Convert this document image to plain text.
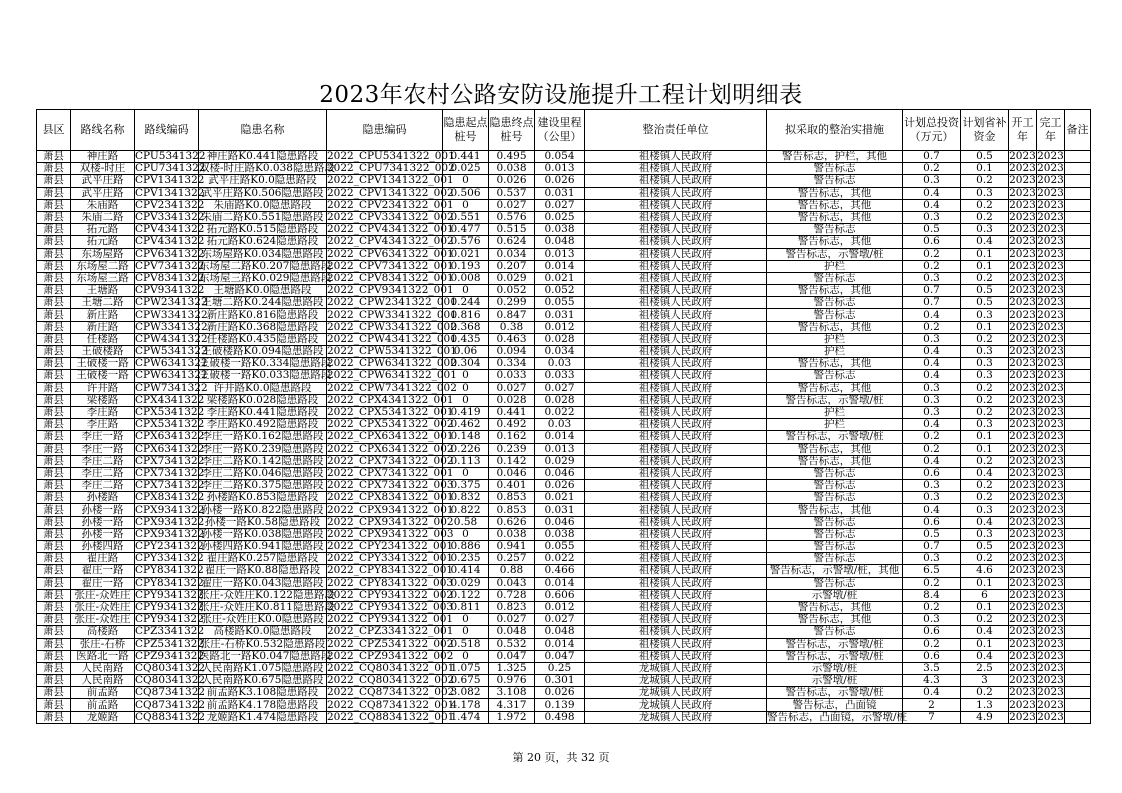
2023年农村公路安防设施提升工程计划明细表
县区	路线名称	路线编码	隐患名称	隐患编码	隐患起点桩号	隐患终点桩号	建设里程（公里）	整治责任单位	拟采取的整治实措施	计划总投资（万元）	计划省补资金	开工年	完工年	备注
萧县	神庄路	CPU5341322	神庄路K0.441隐患路段	2022_CPU5341322_001	0.441	0.495	0.054	祖楼镇人民政府	警告标志，护栏，其他	0.7	0.5	2023	2023	
萧县	双楼-时庄	CPU7341322	双楼-时庄路K0.038隐患路段	2022_CPU7341322_002	0.025	0.038	0.013	祖楼镇人民政府	警告标志	0.2	0.1	2023	2023	
萧县	武平庄路	CPV1341322	武平庄路K0.0隐患路段	2022_CPV1341322_001	0	0.026	0.026	祖楼镇人民政府	警告标志	0.3	0.2	2023	2023	
萧县	武平庄路	CPV1341322	武平庄路K0.506隐患路段	2022_CPV1341322_002	0.506	0.537	0.031	祖楼镇人民政府	警告标志，其他	0.4	0.3	2023	2023	
萧县	朱庙路	CPV2341322	朱庙路K0.0隐患路段	2022_CPV2341322_001	0	0.027	0.027	祖楼镇人民政府	警告标志，其他	0.4	0.2	2023	2023	
萧县	朱庙二路	CPV3341322	朱庙二路K0.551隐患路段	2022_CPV3341322_002	0.551	0.576	0.025	祖楼镇人民政府	警告标志，其他	0.3	0.2	2023	2023	
萧县	拓元路	CPV4341322	拓元路K0.515隐患路段	2022_CPV4341322_001	0.477	0.515	0.038	祖楼镇人民政府	警告标志	0.5	0.3	2023	2023	
萧县	拓元路	CPV4341322	拓元路K0.624隐患路段	2022_CPV4341322_002	0.576	0.624	0.048	祖楼镇人民政府	警告标志，其他	0.6	0.4	2023	2023	
萧县	东场屋路	CPV6341322	东场屋路K0.034隐患路段	2022_CPV6341322_001	0.021	0.034	0.013	祖楼镇人民政府	警告标志，示警墩/桩	0.2	0.1	2023	2023	
萧县	东场屋二路	CPV7341322	东场屋二路K0.207隐患路段	2022_CPV7341322_001	0.193	0.207	0.014	祖楼镇人民政府	护栏	0.2	0.1	2023	2023	
萧县	东场屋三路	CPV8341322	东场屋三路K0.029隐患路段	2022_CPV8341322_001	0.008	0.029	0.021	祖楼镇人民政府	警告标志	0.3	0.2	2023	2023	
萧县	王塘路	CPV9341322	王塘路K0.0隐患路段	2022_CPV9341322_001	0	0.052	0.052	祖楼镇人民政府	警告标志，其他	0.7	0.5	2023	2023	
萧县	王塘二路	CPW2341322	王塘二路K0.244隐患路段	2022_CPW2341322_001	0.244	0.299	0.055	祖楼镇人民政府	警告标志	0.7	0.5	2023	2023	
萧县	新庄路	CPW3341322	新庄路K0.816隐患路段	2022_CPW3341322_001	0.816	0.847	0.031	祖楼镇人民政府	警告标志	0.4	0.3	2023	2023	
萧县	新庄路	CPW3341322	新庄路K0.368隐患路段	2022_CPW3341322_002	0.368	0.38	0.012	祖楼镇人民政府	警告标志，其他	0.2	0.1	2023	2023	
萧县	任楼路	CPW4341322	任楼路K0.435隐患路段	2022_CPW4341322_001	0.435	0.463	0.028	祖楼镇人民政府	护栏	0.3	0.2	2023	2023	
萧县	王破楼路	CPW5341322	王破楼路K0.094隐患路段	2022_CPW5341322_001	0.06	0.094	0.034	祖楼镇人民政府	护栏	0.4	0.3	2023	2023	
萧县	王破楼一路	CPW6341322	王破楼一路K0.334隐患路段	2022_CPW6341322_002	0.304	0.334	0.03	祖楼镇人民政府	警告标志，其他	0.4	0.3	2023	2023	
萧县	王破楼一路	CPW6341322	王破楼一路K0.033隐患路段	2022_CPW6341322_001	0	0.033	0.033	祖楼镇人民政府	警告标志	0.4	0.3	2023	2023	
萧县	许井路	CPW7341322	许井路K0.0隐患路段	2022_CPW7341322_002	0	0.027	0.027	祖楼镇人民政府	警告标志，其他	0.3	0.2	2023	2023	
萧县	梁楼路	CPX4341322	梁楼路K0.028隐患路段	2022_CPX4341322_001	0	0.028	0.028	祖楼镇人民政府	警告标志，示警墩/桩	0.3	0.2	2023	2023	
萧县	李庄路	CPX5341322	李庄路K0.441隐患路段	2022_CPX5341322_001	0.419	0.441	0.022	祖楼镇人民政府	护栏	0.3	0.2	2023	2023	
萧县	李庄路	CPX5341322	李庄路K0.492隐患路段	2022_CPX5341322_002	0.462	0.492	0.03	祖楼镇人民政府	护栏	0.4	0.3	2023	2023	
萧县	李庄一路	CPX6341322	李庄一路K0.162隐患路段	2022_CPX6341322_001	0.148	0.162	0.014	祖楼镇人民政府	警告标志，示警墩/桩	0.2	0.1	2023	2023	
萧县	李庄一路	CPX6341322	李庄一路K0.239隐患路段	2022_CPX6341322_002	0.226	0.239	0.013	祖楼镇人民政府	警告标志，其他	0.2	0.1	2023	2023	
萧县	李庄二路	CPX7341322	李庄二路K0.142隐患路段	2022_CPX7341322_002	0.113	0.142	0.029	祖楼镇人民政府	警告标志，其他	0.4	0.2	2023	2023	
萧县	李庄二路	CPX7341322	李庄二路K0.046隐患路段	2022_CPX7341322_001	0	0.046	0.046	祖楼镇人民政府	警告标志	0.6	0.4	2023	2023	
萧县	李庄二路	CPX7341322	李庄二路K0.375隐患路段	2022_CPX7341322_003	0.375	0.401	0.026	祖楼镇人民政府	警告标志	0.3	0.2	2023	2023	
萧县	孙楼路	CPX8341322	孙楼路K0.853隐患路段	2022_CPX8341322_001	0.832	0.853	0.021	祖楼镇人民政府	警告标志	0.3	0.2	2023	2023	
萧县	孙楼一路	CPX9341322	孙楼一路K0.822隐患路段	2022_CPX9341322_001	0.822	0.853	0.031	祖楼镇人民政府	警告标志，其他	0.4	0.3	2023	2023	
萧县	孙楼一路	CPX9341322	孙楼一路K0.58隐患路段	2022_CPX9341322_002	0.58	0.626	0.046	祖楼镇人民政府	警告标志	0.6	0.4	2023	2023	
萧县	孙楼一路	CPX9341322	孙楼一路K0.038隐患路段	2022_CPX9341322_003	0	0.038	0.038	祖楼镇人民政府	警告标志	0.5	0.3	2023	2023	
萧县	孙楼四路	CPY2341322	孙楼四路K0.941隐患路段	2022_CPY2341322_001	0.886	0.941	0.055	祖楼镇人民政府	警告标志	0.7	0.5	2023	2023	
萧县	翟庄路	CPY3341322	翟庄路K0.257隐患路段	2022_CPY3341322_001	0.235	0.257	0.022	祖楼镇人民政府	警告标志	0.3	0.2	2023	2023	
萧县	翟庄一路	CPY8341322	翟庄一路K0.88隐患路段	2022_CPY8341322_001	0.414	0.88	0.466	祖楼镇人民政府	警告标志，示警墩/桩，其他	6.5	4.6	2023	2023	
萧县	翟庄一路	CPY8341322	翟庄一路K0.043隐患路段	2022_CPY8341322_003	0.029	0.043	0.014	祖楼镇人民政府	警告标志	0.2	0.1	2023	2023	
萧县	张庄-众姓庄	CPY9341322	张庄-众姓庄K0.122隐患路段	2022_CPY9341322_002	0.122	0.728	0.606	祖楼镇人民政府	示警墩/桩	8.4	6	2023	2023	
萧县	张庄-众姓庄	CPY9341322	张庄-众姓庄K0.811隐患路段	2022_CPY9341322_003	0.811	0.823	0.012	祖楼镇人民政府	警告标志，其他	0.2	0.1	2023	2023	
萧县	张庄-众姓庄	CPY9341322	张庄-众姓庄K0.0隐患路段	2022_CPY9341322_001	0	0.027	0.027	祖楼镇人民政府	警告标志，其他	0.3	0.2	2023	2023	
萧县	高楼路	CPZ3341322	高楼路K0.0隐患路段	2022_CPZ3341322_001	0	0.048	0.048	祖楼镇人民政府	警告标志	0.6	0.4	2023	2023	
萧县	张庄-石桥	CPZ5341322	张庄-石桥K0.532隐患路段	2022_CPZ5341322_002	0.518	0.532	0.014	祖楼镇人民政府	警告标志，示警墩/桩	0.2	0.1	2023	2023	
萧县	医路北一路	CPZ9341322	医路北一路K0.047隐患路段	2022_CPZ9341322_002	0	0.047	0.047	祖楼镇人民政府	警告标志，示警墩/桩	0.6	0.4	2023	2023	
萧县	人民南路	CQ80341322	人民南路K1.075隐患路段	2022_CQ80341322_001	1.075	1.325	0.25	龙城镇人民政府	示警墩/桩	3.5	2.5	2023	2023	
萧县	人民南路	CQ80341322	人民南路K0.675隐患路段	2022_CQ80341322_002	0.675	0.976	0.301	龙城镇人民政府	示警墩/桩	4.3	3	2023	2023	
萧县	前孟路	CQ87341322	前孟路K3.108隐患路段	2022_CQ87341322_002	3.082	3.108	0.026	龙城镇人民政府	警告标志，示警墩/桩	0.4	0.2	2023	2023	
萧县	前孟路	CQ87341322	前孟路K4.178隐患路段	2022_CQ87341322_001	4.178	4.317	0.139	龙城镇人民政府	警告标志，凸面镜	2	1.3	2023	2023	
萧县	龙姬路	CQ88341322	龙姬路K1.474隐患路段	2022_CQ88341322_001	1.474	1.972	0.498	龙城镇人民政府	警告标志，凸面镜，示警墩/桩	7	4.9	2023	2023	
第 20 页，共 32 页
